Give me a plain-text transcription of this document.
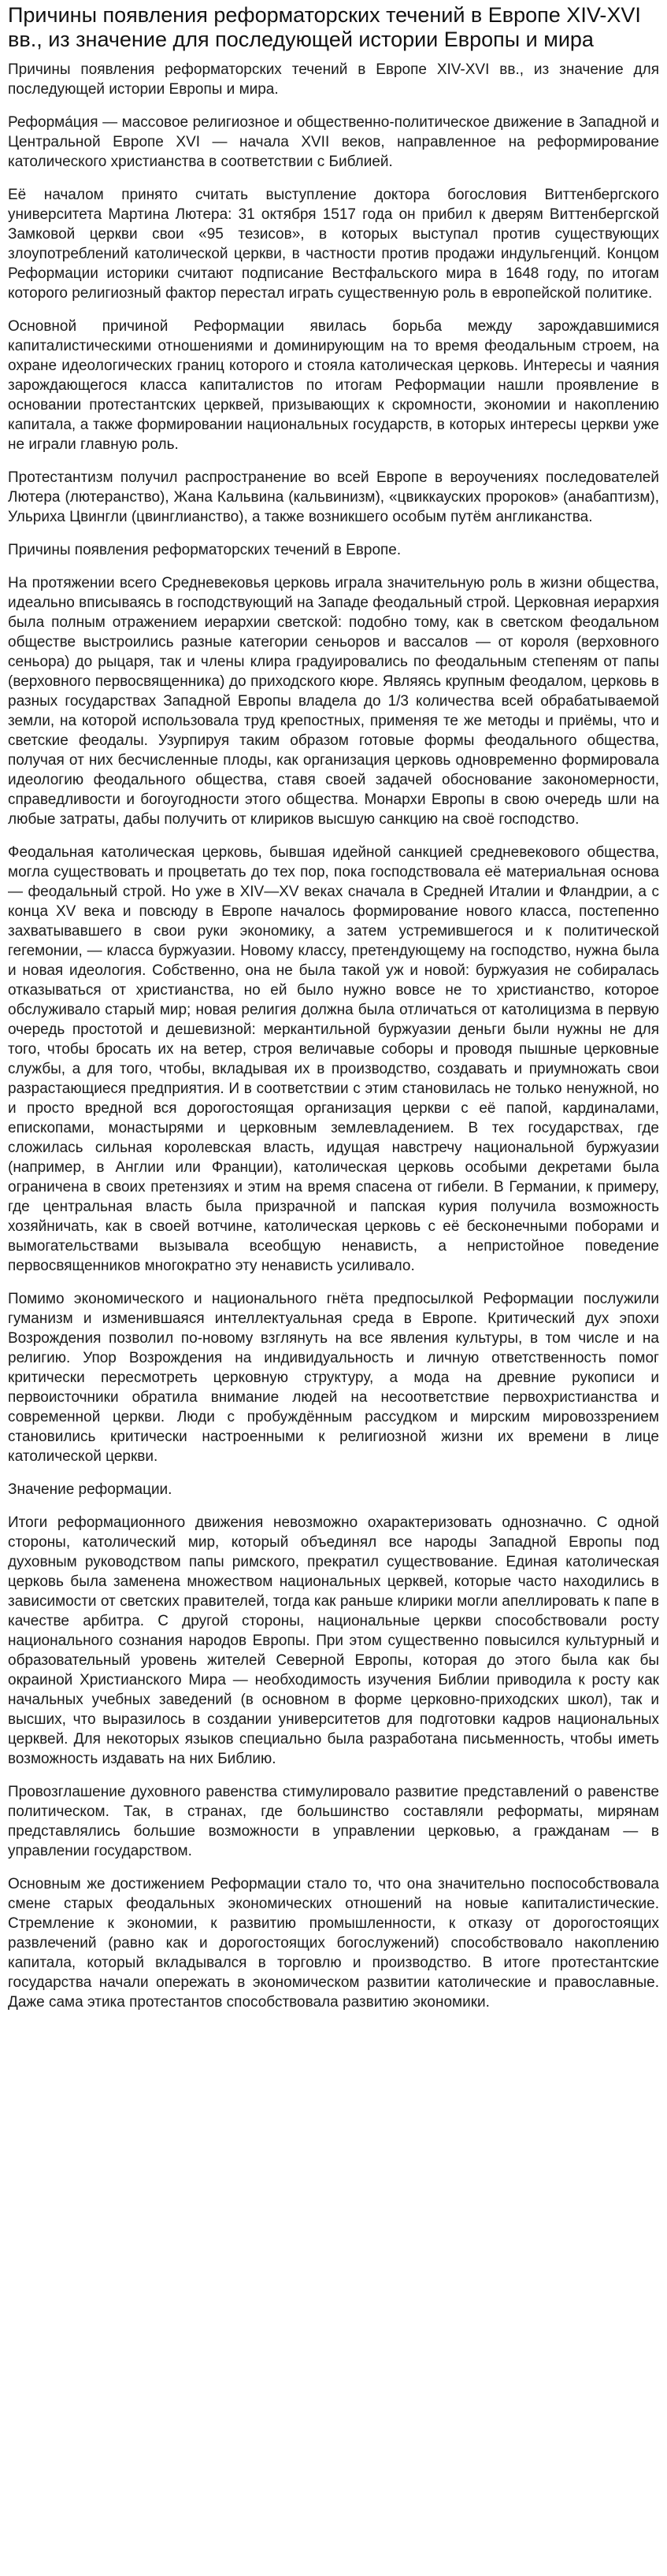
Причины появления реформаторских течений в Европе XIV-XVI вв., из значение для последующей истории Европы и мира

Причины появления реформаторских течений в Европе XIV-XVI вв., из значение для последующей истории Европы и мира.

Реформáция — массовое религиозное и общественно-политическое движение в Западной и Центральной Европе XVI — начала XVII веков, направленное на реформирование католического христианства в соответствии с Библией.

Её началом принято считать выступление доктора богословия Виттенбергского университета Мартина Лютера: 31 октября 1517 года он прибил к дверям Виттенбергской Замковой церкви свои «95 тезисов», в которых выступал против существующих злоупотреблений католической церкви, в частности против продажи индульгенций. Концом Реформации историки считают подписание Вестфальского мира в 1648 году, по итогам которого религиозный фактор перестал играть существенную роль в европейской политике.

Основной причиной Реформации явилась борьба между зарождавшимися капиталистическими отношениями и доминирующим на то время феодальным строем, на охране идеологических границ которого и стояла католическая церковь. Интересы и чаяния зарождающегося класса капиталистов по итогам Реформации нашли проявление в основании протестантских церквей, призывающих к скромности, экономии и накоплению капитала, а также формировании национальных государств, в которых интересы церкви уже не играли главную роль.

Протестантизм получил распространение во всей Европе в вероучениях последователей Лютера (лютеранство), Жана Кальвина (кальвинизм), «цвиккауских пророков» (анабаптизм), Ульриха Цвингли (цвинглианство), а также возникшего особым путём англиканства.

Причины появления реформаторских течений в Европе.

На протяжении всего Средневековья церковь играла значительную роль в жизни общества, идеально вписываясь в господствующий на Западе феодальный строй. Церковная иерархия была полным отражением иерархии светской: подобно тому, как в светском феодальном обществе выстроились разные категории сеньоров и вассалов — от короля (верховного сеньора) до рыцаря, так и члены клира градуировались по феодальным степеням от папы (верховного первосвященника) до приходского кюре. Являясь крупным феодалом, церковь в разных государствах Западной Европы владела до 1/3 количества всей обрабатываемой земли, на которой использовала труд крепостных, применяя те же методы и приёмы, что и светские феодалы. Узурпируя таким образом готовые формы феодального общества, получая от них бесчисленные плоды, как организация церковь одновременно формировала идеологию феодального общества, ставя своей задачей обоснование закономерности, справедливости и богоугодности этого общества. Монархи Европы в свою очередь шли на любые затраты, дабы получить от клириков высшую санкцию на своё господство.

Феодальная католическая церковь, бывшая идейной санкцией средневекового общества, могла существовать и процветать до тех пор, пока господствовала её материальная основа — феодальный строй. Но уже в XIV—XV веках сначала в Средней Италии и Фландрии, а с конца XV века и повсюду в Европе началось формирование нового класса, постепенно захватывавшего в свои руки экономику, а затем устремившегося и к политической гегемонии, — класса буржуазии. Новому классу, претендующему на господство, нужна была и новая идеология. Собственно, она не была такой уж и новой: буржуазия не собиралась отказываться от христианства, но ей было нужно вовсе не то христианство, которое обслуживало старый мир; новая религия должна была отличаться от католицизма в первую очередь простотой и дешевизной: меркантильной буржуазии деньги были нужны не для того, чтобы бросать их на ветер, строя величавые соборы и проводя пышные церковные службы, а для того, чтобы, вкладывая их в производство, создавать и приумножать свои разрастающиеся предприятия. И в соответствии с этим становилась не только ненужной, но и просто вредной вся дорогостоящая организация церкви с её папой, кардиналами, епископами, монастырями и церковным землевладением. В тех государствах, где сложилась сильная королевская власть, идущая навстречу национальной буржуазии (например, в Англии или Франции), католическая церковь особыми декретами была ограничена в своих претензиях и этим на время спасена от гибели. В Германии, к примеру, где центральная власть была призрачной и папская курия получила возможность хозяйничать, как в своей вотчине, католическая церковь с её бесконечными поборами и вымогательствами вызывала всеобщую ненависть, а непристойное поведение первосвященников многократно эту ненависть усиливало.

Помимо экономического и национального гнёта предпосылкой Реформации послужили гуманизм и изменившаяся интеллектуальная среда в Европе. Критический дух эпохи Возрождения позволил по-новому взглянуть на все явления культуры, в том числе и на религию. Упор Возрождения на индивидуальность и личную ответственность помог критически пересмотреть церковную структуру, а мода на древние рукописи и первоисточники обратила внимание людей на несоответствие первохристианства и современной церкви. Люди с пробуждённым рассудком и мирским мировоззрением становились критически настроенными к религиозной жизни их времени в лице католической церкви.

Значение реформации.

Итоги реформационного движения невозможно охарактеризовать однозначно. С одной стороны, католический мир, который объединял все народы Западной Европы под духовным руководством папы римского, прекратил существование. Единая католическая церковь была заменена множеством национальных церквей, которые часто находились в зависимости от светских правителей, тогда как раньше клирики могли апеллировать к папе в качестве арбитра. С другой стороны, национальные церкви способствовали росту национального сознания народов Европы. При этом существенно повысился культурный и образовательный уровень жителей Северной Европы, которая до этого была как бы окраиной Христианского Мира — необходимость изучения Библии приводила к росту как начальных учебных заведений (в основном в форме церковно-приходских школ), так и высших, что выразилось в создании университетов для подготовки кадров национальных церквей. Для некоторых языков специально была разработана письменность, чтобы иметь возможность издавать на них Библию.

Провозглашение духовного равенства стимулировало развитие представлений о равенстве политическом. Так, в странах, где большинство составляли реформаты, мирянам представлялись большие возможности в управлении церковью, а гражданам — в управлении государством.

Основным же достижением Реформации стало то, что она значительно поспособствовала смене старых феодальных экономических отношений на новые капиталистические. Стремление к экономии, к развитию промышленности, к отказу от дорогостоящих развлечений (равно как и дорогостоящих богослужений) способствовало накоплению капитала, который вкладывался в торговлю и производство. В итоге протестантские государства начали опережать в экономическом развитии католические и православные. Даже сама этика протестантов способствовала развитию экономики.
